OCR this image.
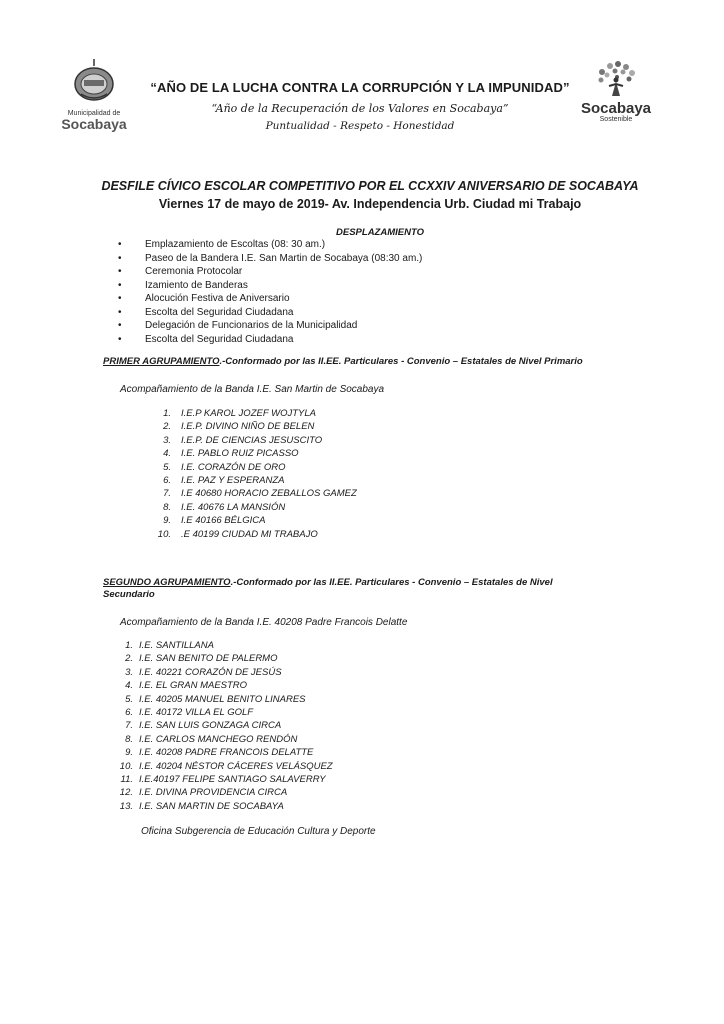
Municipalidad de
Socabaya
Socabaya
Sostenible
“AÑO DE LA LUCHA CONTRA LA CORRUPCIÓN Y LA IMPUNIDAD”
“Año de la Recuperación de los Valores en Socabaya”
Puntualidad - Respeto - Honestidad
DESFILE CÍVICO ESCOLAR COMPETITIVO POR EL CCXXIV ANIVERSARIO DE SOCABAYA
Viernes 17 de mayo de 2019- Av. Independencia Urb. Ciudad mi Trabajo
DESPLAZAMIENTO
• Emplazamiento de Escoltas (08: 30 am.)
• Paseo de la Bandera I.E. San Martin de Socabaya (08:30 am.)
• Ceremonia Protocolar
• Izamiento de Banderas
• Alocución Festiva de Aniversario
• Escolta del Seguridad Ciudadana
• Delegación de Funcionarios de la Municipalidad
• Escolta del Seguridad Ciudadana
PRIMER AGRUPAMIENTO.-Conformado por las II.EE. Particulares - Convenio – Estatales de Nivel Primario
Acompañamiento de la Banda I.E. San Martin de Socabaya
1. I.E.P KAROL JOZEF WOJTYLA
2. I.E.P. DIVINO NIÑO DE BELEN
3. I.E.P. DE CIENCIAS JESUSCITO
4. I.E. PABLO RUIZ PICASSO
5. I.E. CORAZÓN DE ORO
6. I.E. PAZ Y ESPERANZA
7. I.E 40680 HORACIO ZEBALLOS GAMEZ
8. I.E. 40676 LA MANSIÓN
9. I.E 40166 BÉLGICA
10. .E 40199 CIUDAD MI TRABAJO
SEGUNDO AGRUPAMIENTO.-Conformado por las II.EE. Particulares - Convenio – Estatales de Nivel
Secundario
Acompañamiento de la Banda I.E. 40208 Padre Francois Delatte
1. I.E. SANTILLANA
2. I.E. SAN BENITO DE PALERMO
3. I.E. 40221 CORAZÓN DE JESÚS
4. I.E. EL GRAN MAESTRO
5. I.E. 40205 MANUEL BENITO LINARES
6. I.E. 40172 VILLA EL GOLF
7. I.E. SAN LUIS GONZAGA CIRCA
8. I.E. CARLOS MANCHEGO RENDÓN
9. I.E. 40208 PADRE FRANCOIS DELATTE
10. I.E. 40204 NÉSTOR CÁCERES VELÁSQUEZ
11. I.E.40197 FELIPE SANTIAGO SALAVERRY
12. I.E. DIVINA PROVIDENCIA CIRCA
13. I.E. SAN MARTIN DE SOCABAYA
Oficina Subgerencia de Educación Cultura y Deporte
